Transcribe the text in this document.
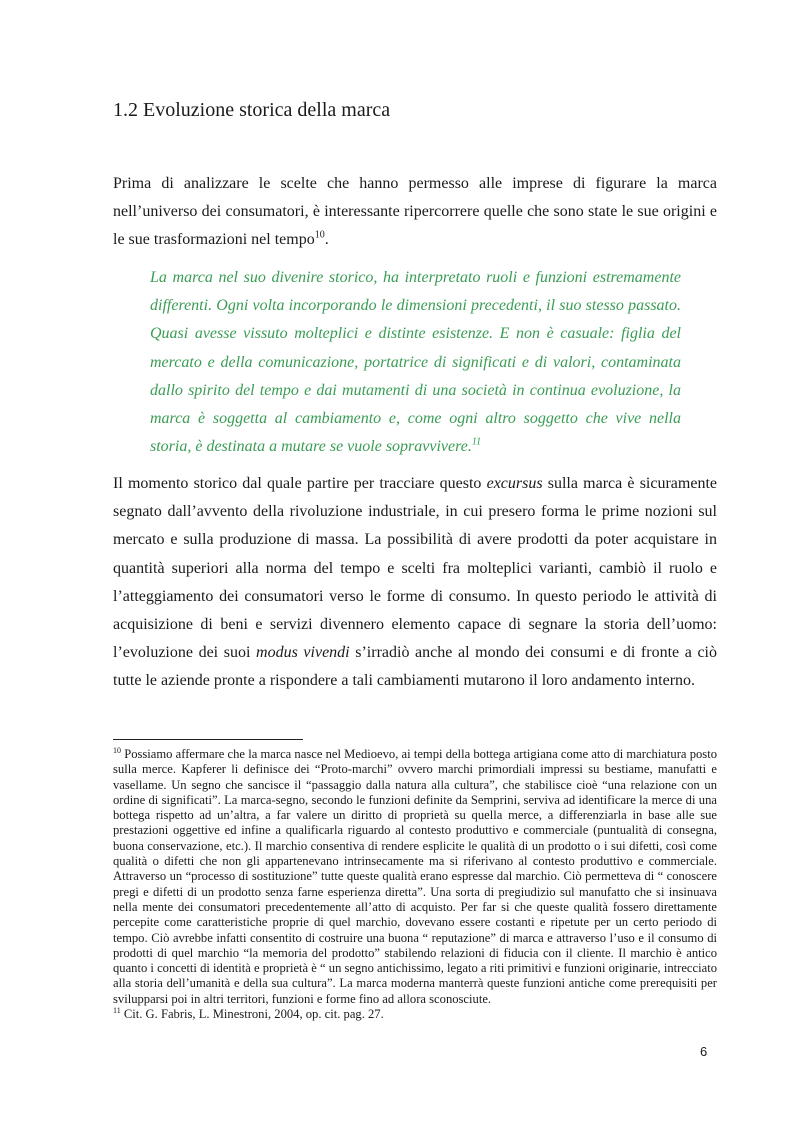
1.2 Evoluzione storica della marca

Prima di analizzare le scelte che hanno permesso alle imprese di figurare la marca nell’universo dei consumatori, è interessante ripercorrere quelle che sono state le sue origini e le sue trasformazioni nel tempo$^{10}$.

La marca nel suo divenire storico, ha interpretato ruoli e funzioni estremamente differenti. Ogni volta incorporando le dimensioni precedenti, il suo stesso passato. Quasi avesse vissuto molteplici e distinte esistenze. E non è casuale: figlia del mercato e della comunicazione, portatrice di significati e di valori, contaminata dallo spirito del tempo e dai mutamenti di una società in continua evoluzione, la marca è soggetta al cambiamento e, come ogni altro soggetto che vive nella storia, è destinata a mutare se vuole sopravvivere.$^{11}$

Il momento storico dal quale partire per tracciare questo excursus sulla marca è sicuramente segnato dall’avvento della rivoluzione industriale, in cui presero forma le prime nozioni sul mercato e sulla produzione di massa. La possibilità di avere prodotti da poter acquistare in quantità superiori alla norma del tempo e scelti fra molteplici varianti, cambiò il ruolo e l’atteggiamento dei consumatori verso le forme di consumo. In questo periodo le attività di acquisizione di beni e servizi divennero elemento capace di segnare la storia dell’uomo: l’evoluzione dei suoi modus vivendi s’irradiò anche al mondo dei consumi e di fronte a ciò tutte le aziende pronte a rispondere a tali cambiamenti mutarono il loro andamento interno.

$^{10}$ Possiamo affermare che la marca nasce nel Medioevo, ai tempi della bottega artigiana come atto di marchiatura posto sulla merce. Kapferer li definisce dei “Proto-marchi” ovvero marchi primordiali impressi su bestiame, manufatti e vasellame. Un segno che sancisce il “passaggio dalla natura alla cultura”, che stabilisce cioè “una relazione con un ordine di significati”. La marca-segno, secondo le funzioni definite da Semprini, serviva ad identificare la merce di una bottega rispetto ad un’altra, a far valere un diritto di proprietà su quella merce, a differenziarla in base alle sue prestazioni oggettive ed infine a qualificarla riguardo al contesto produttivo e commerciale (puntualità di consegna, buona conservazione, etc.). Il marchio consentiva di rendere esplicite le qualità di un prodotto o i sui difetti, così come qualità o difetti che non gli appartenevano intrinsecamente ma si riferivano al contesto produttivo e commerciale. Attraverso un “processo di sostituzione” tutte queste qualità erano espresse dal marchio. Ciò permetteva di “ conoscere pregi e difetti di un prodotto senza farne esperienza diretta”. Una sorta di pregiudizio sul manufatto che si insinuava nella mente dei consumatori precedentemente all’atto di acquisto. Per far si che queste qualità fossero direttamente percepite come caratteristiche proprie di quel marchio, dovevano essere costanti e ripetute per un certo periodo di tempo. Ciò avrebbe infatti consentito di costruire una buona “ reputazione” di marca e attraverso l’uso e il consumo di prodotti di quel marchio “la memoria del prodotto” stabilendo relazioni di fiducia con il cliente. Il marchio è antico quanto i concetti di identità e proprietà è “ un segno antichissimo, legato a riti primitivi e funzioni originarie, intrecciato alla storia dell’umanità e della sua cultura”. La marca moderna manterrà queste funzioni antiche come prerequisiti per svilupparsi poi in altri territori, funzioni e forme fino ad allora sconosciute.

$^{11}$ Cit. G. Fabris, L. Minestroni, 2004, op. cit. pag. 27.

6
